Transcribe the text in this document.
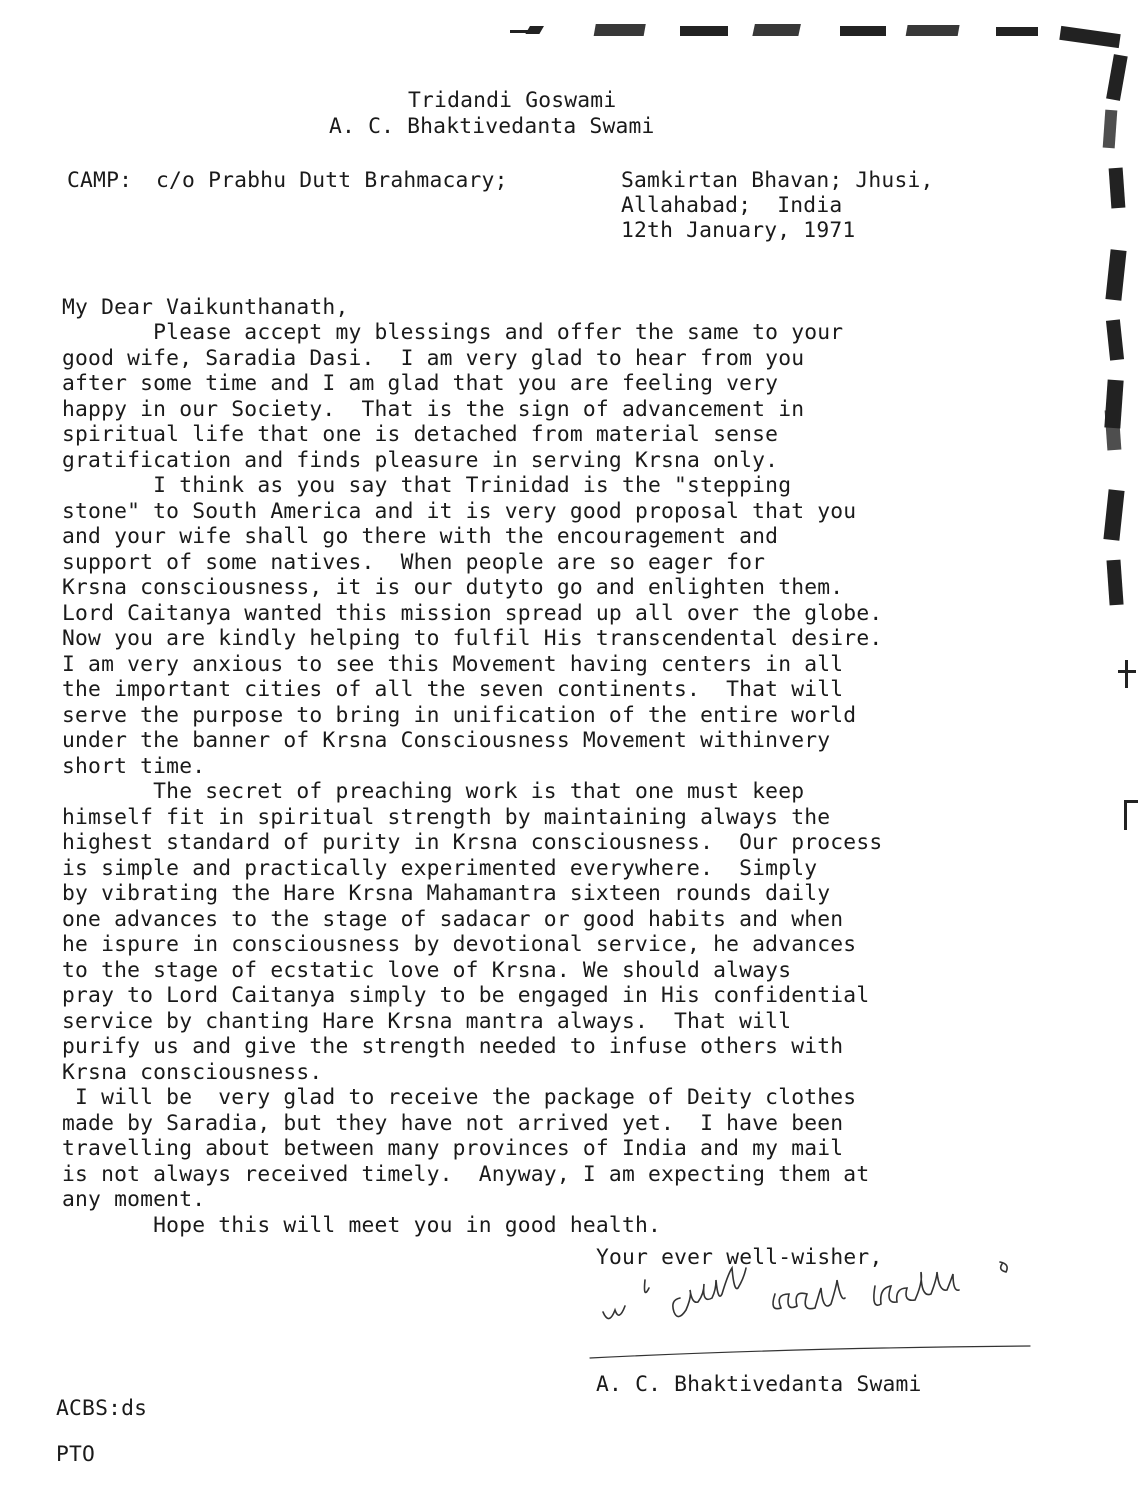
Tridandi Goswami
A. C. Bhaktivedanta Swami
CAMP: c/o Prabhu Dutt Brahmacary;	Samkirtan Bhavan; Jhusi,
Allahabad;  India
12th January, 1971
My Dear Vaikunthanath,
Please accept my blessings and offer the same to your
good wife, Saradia Dasi.  I am very glad to hear from you
after some time and I am glad that you are feeling very
happy in our Society.  That is the sign of advancement in
spiritual life that one is detached from material sense
gratification and finds pleasure in serving Krsna only.
I think as you say that Trinidad is the "stepping
stone" to South America and it is very good proposal that you
and your wife shall go there with the encouragement and
support of some natives.  When people are so eager for
Krsna consciousness, it is our dutyto go and enlighten them.
Lord Caitanya wanted this mission spread up all over the globe.
Now you are kindly helping to fulfil His transcendental desire.
I am very anxious to see this Movement having centers in all
the important cities of all the seven continents.  That will
serve the purpose to bring in unification of the entire world
under the banner of Krsna Consciousness Movement withinvery
short time.
The secret of preaching work is that one must keep
himself fit in spiritual strength by maintaining always the
highest standard of purity in Krsna consciousness.  Our process
is simple and practically experimented everywhere.  Simply
by vibrating the Hare Krsna Mahamantra sixteen rounds daily
one advances to the stage of sadacar or good habits and when
he ispure in consciousness by devotional service, he advances
to the stage of ecstatic love of Krsna. We should always
pray to Lord Caitanya simply to be engaged in His confidential
service by chanting Hare Krsna mantra always.  That will
purify us and give the strength needed to infuse others with
Krsna consciousness.
I will be  very glad to receive the package of Deity clothes
made by Saradia, but they have not arrived yet.  I have been
travelling about between many provinces of India and my mail
is not always received timely.  Anyway, I am expecting them at
any moment.
Hope this will meet you in good health.
Your ever well-wisher,
A. C. Bhaktivedanta Swami
ACBS:ds
PTO
